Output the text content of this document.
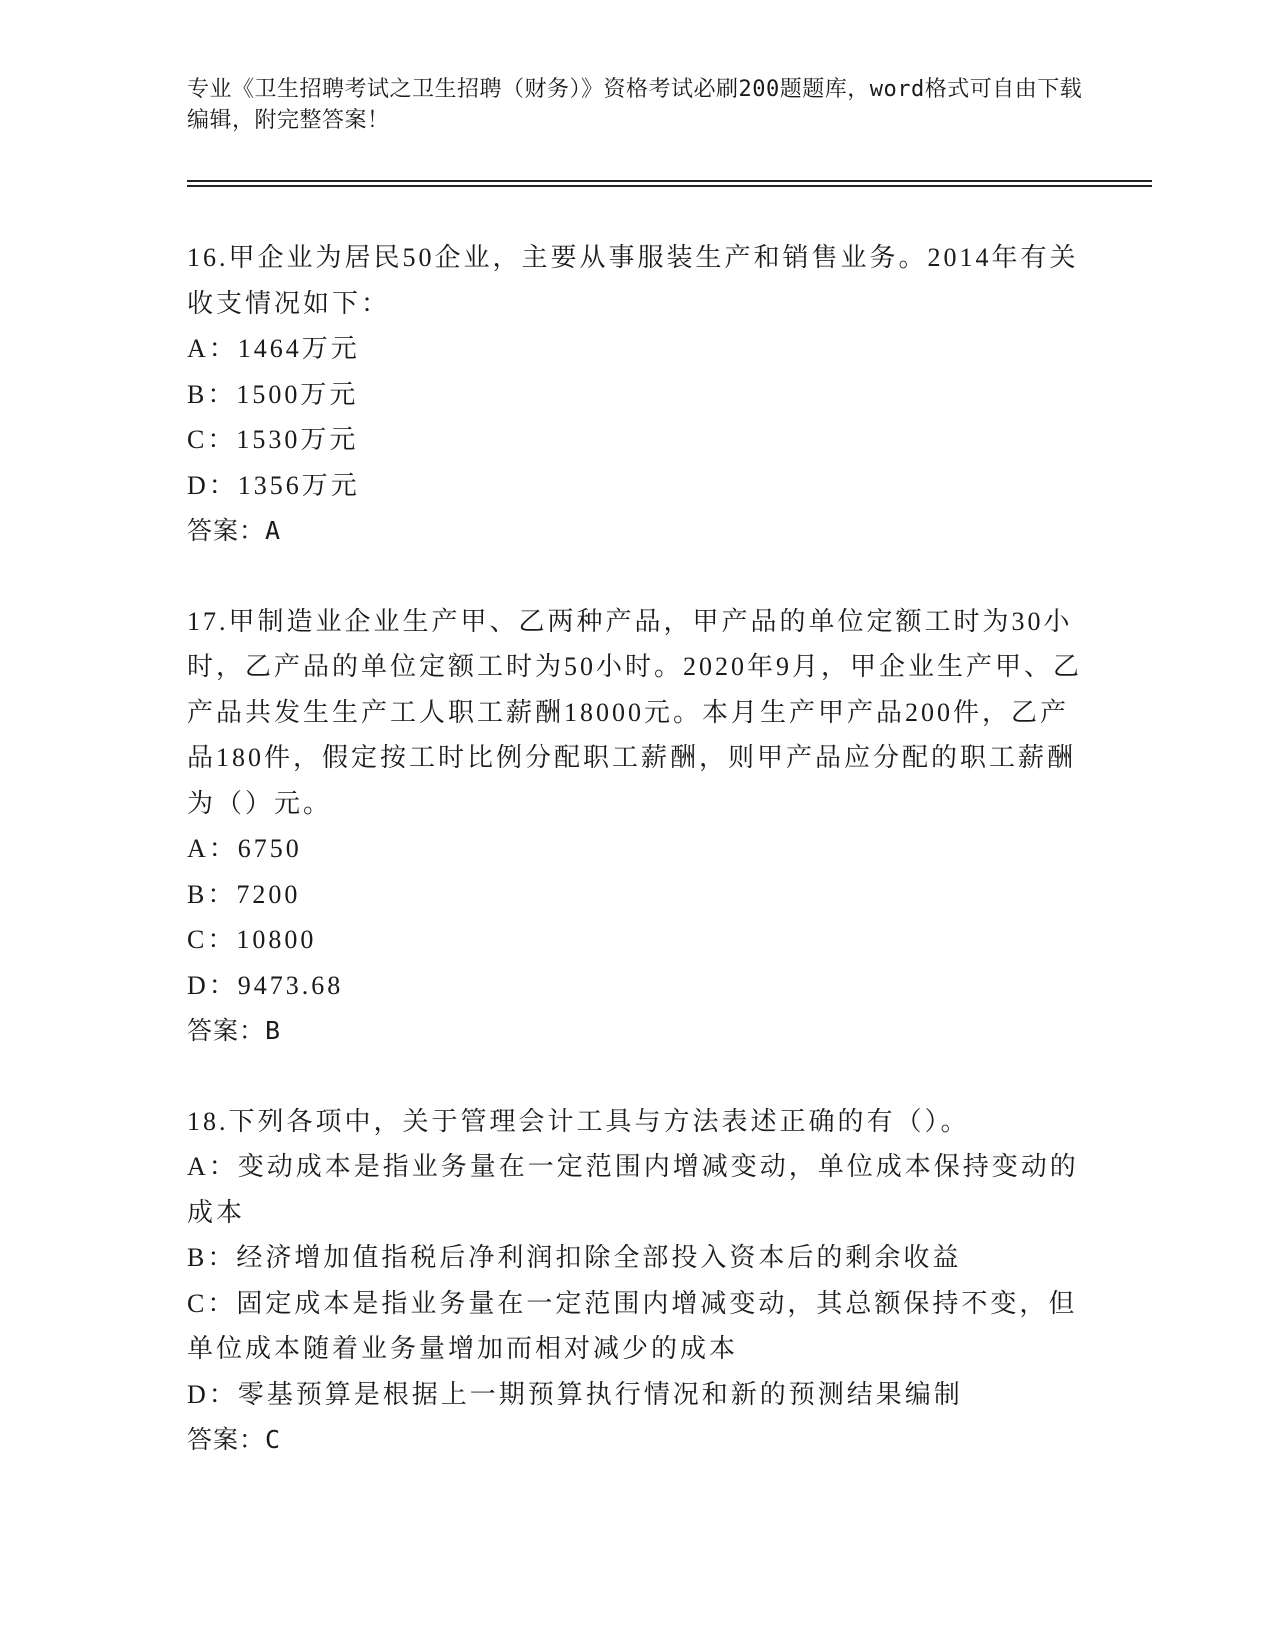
专业《卫生招聘考试之卫生招聘（财务）》资格考试必刷200题题库，word格式可自由下载编辑，附完整答案！

16.甲企业为居民50企业，主要从事服装生产和销售业务。2014年有关收支情况如下：

A：1464万元

B：1500万元

C：1530万元

D：1356万元

答案：A

17.甲制造业企业生产甲、乙两种产品，甲产品的单位定额工时为30小时，乙产品的单位定额工时为50小时。2020年9月，甲企业生产甲、乙产品共发生生产工人职工薪酬18000元。本月生产甲产品200件，乙产品180件，假定按工时比例分配职工薪酬，则甲产品应分配的职工薪酬为（）元。

A：6750

B：7200

C：10800

D：9473.68

答案：B

18.下列各项中，关于管理会计工具与方法表述正确的有（）。

A：变动成本是指业务量在一定范围内增减变动，单位成本保持变动的成本

B：经济增加值指税后净利润扣除全部投入资本后的剩余收益

C：固定成本是指业务量在一定范围内增减变动，其总额保持不变，但单位成本随着业务量增加而相对减少的成本

D：零基预算是根据上一期预算执行情况和新的预测结果编制

答案：C
